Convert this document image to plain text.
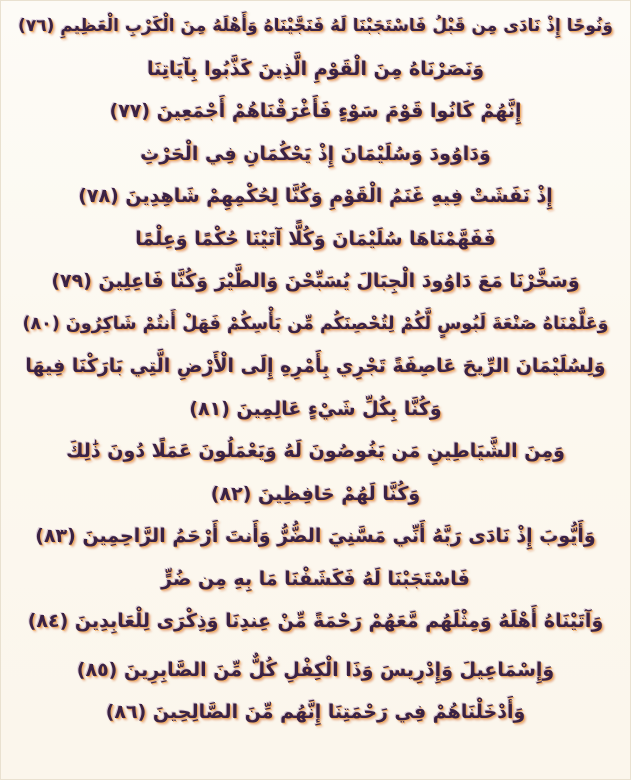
وَنُوحًا إِذْ نَادَى مِن قَبْلُ فَاسْتَجَبْنَا لَهُ فَنَجَّيْنَاهُ وَأَهْلَهُ مِنَ الْكَرْبِ الْعَظِيمِ (٧٦)
وَنَصَرْنَاهُ مِنَ الْقَوْمِ الَّذِينَ كَذَّبُوا بِآيَاتِنَا
إِنَّهُمْ كَانُوا قَوْمَ سَوْءٍ فَأَغْرَقْنَاهُمْ أَجْمَعِينَ (٧٧)
وَدَاوُودَ وَسُلَيْمَانَ إِذْ يَحْكُمَانِ فِي الْحَرْثِ
إِذْ نَفَشَتْ فِيهِ غَنَمُ الْقَوْمِ وَكُنَّا لِحُكْمِهِمْ شَاهِدِينَ (٧٨)
فَفَهَّمْنَاهَا سُلَيْمَانَ وَكُلًّا آتَيْنَا حُكْمًا وَعِلْمًا
وَسَخَّرْنَا مَعَ دَاوُودَ الْجِبَالَ يُسَبِّحْنَ وَالطَّيْرَ وَكُنَّا فَاعِلِينَ (٧٩)
وَعَلَّمْنَاهُ صَنْعَةَ لَبُوسٍ لَّكُمْ لِتُحْصِنَكُم مِّن بَأْسِكُمْ فَهَلْ أَنتُمْ شَاكِرُونَ (٨٠)
وَلِسُلَيْمَانَ الرِّيحَ عَاصِفَةً تَجْرِي بِأَمْرِهِ إِلَى الْأَرْضِ الَّتِي بَارَكْنَا فِيهَا
وَكُنَّا بِكُلِّ شَيْءٍ عَالِمِينَ (٨١)
وَمِنَ الشَّيَاطِينِ مَن يَغُوصُونَ لَهُ وَيَعْمَلُونَ عَمَلًا دُونَ ذَٰلِكَ
وَكُنَّا لَهُمْ حَافِظِينَ (٨٢)
وَأَيُّوبَ إِذْ نَادَى رَبَّهُ أَنِّي مَسَّنِيَ الضُّرُّ وَأَنتَ أَرْحَمُ الرَّاحِمِينَ (٨٣)
فَاسْتَجَبْنَا لَهُ فَكَشَفْنَا مَا بِهِ مِن ضُرٍّ
وَآتَيْنَاهُ أَهْلَهُ وَمِثْلَهُم مَّعَهُمْ رَحْمَةً مِّنْ عِندِنَا وَذِكْرَى لِلْعَابِدِينَ (٨٤)
وَإِسْمَاعِيلَ وَإِدْرِيسَ وَذَا الْكِفْلِ كُلٌّ مِّنَ الصَّابِرِينَ (٨٥)
وَأَدْخَلْنَاهُمْ فِي رَحْمَتِنَا إِنَّهُم مِّنَ الصَّالِحِينَ (٨٦)
